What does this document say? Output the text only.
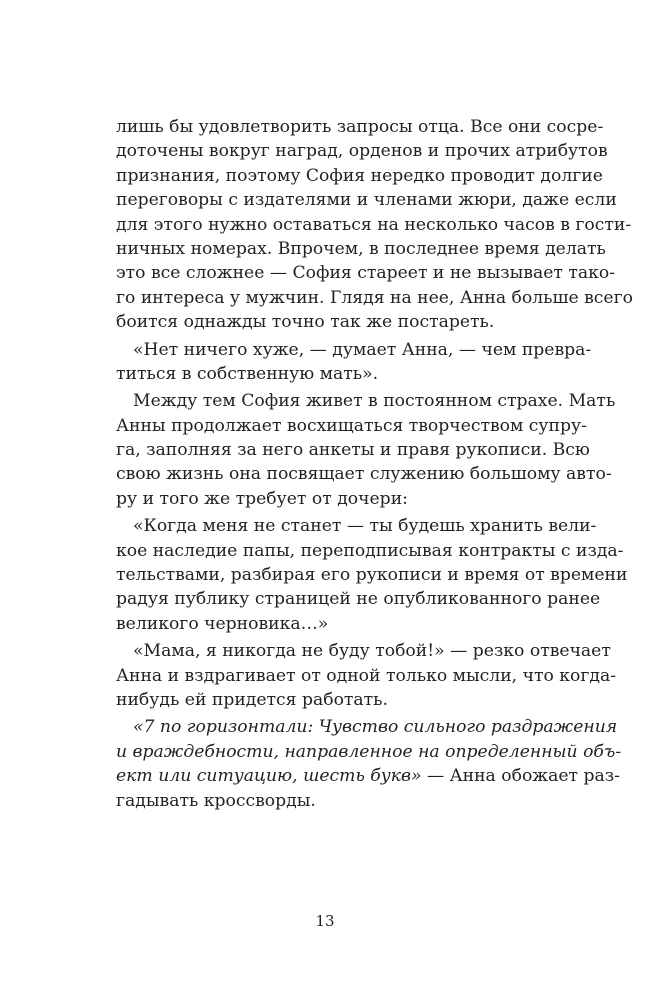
лишь бы удовлетворить запросы отца. Все они сосре-
доточены вокруг наград, орденов и прочих атрибутов
признания, поэтому София нередко проводит долгие
переговоры с издателями и членами жюри, даже если
для этого нужно оставаться на несколько часов в гости-
ничных номерах. Впрочем, в последнее время делать
это все сложнее — София стареет и не вызывает тако-
го интереса у мужчин. Глядя на нее, Анна больше всего
боится однажды точно так же постареть.
«Нет ничего хуже, — думает Анна, — чем превра-
титься в собственную мать».
Между тем София живет в постоянном страхе. Мать
Анны продолжает восхищаться творчеством супру-
га, заполняя за него анкеты и правя рукописи. Всю
свою жизнь она посвящает служению большому авто-
ру и того же требует от дочери:
«Когда меня не станет — ты будешь хранить вели-
кое наследие папы, переподписывая контракты с изда-
тельствами, разбирая его рукописи и время от времени
радуя публику страницей не опубликованного ранее
великого черновика…»
«Мама, я никогда не буду тобой!» — резко отвечает
Анна и вздрагивает от одной только мысли, что когда-
нибудь ей придется работать.
«7 по горизонтали: Чувство сильного раздражения
и враждебности, направленное на определенный объ-
ект или ситуацию, шесть букв» — Анна обожает раз-
гадывать кроссворды.
13
